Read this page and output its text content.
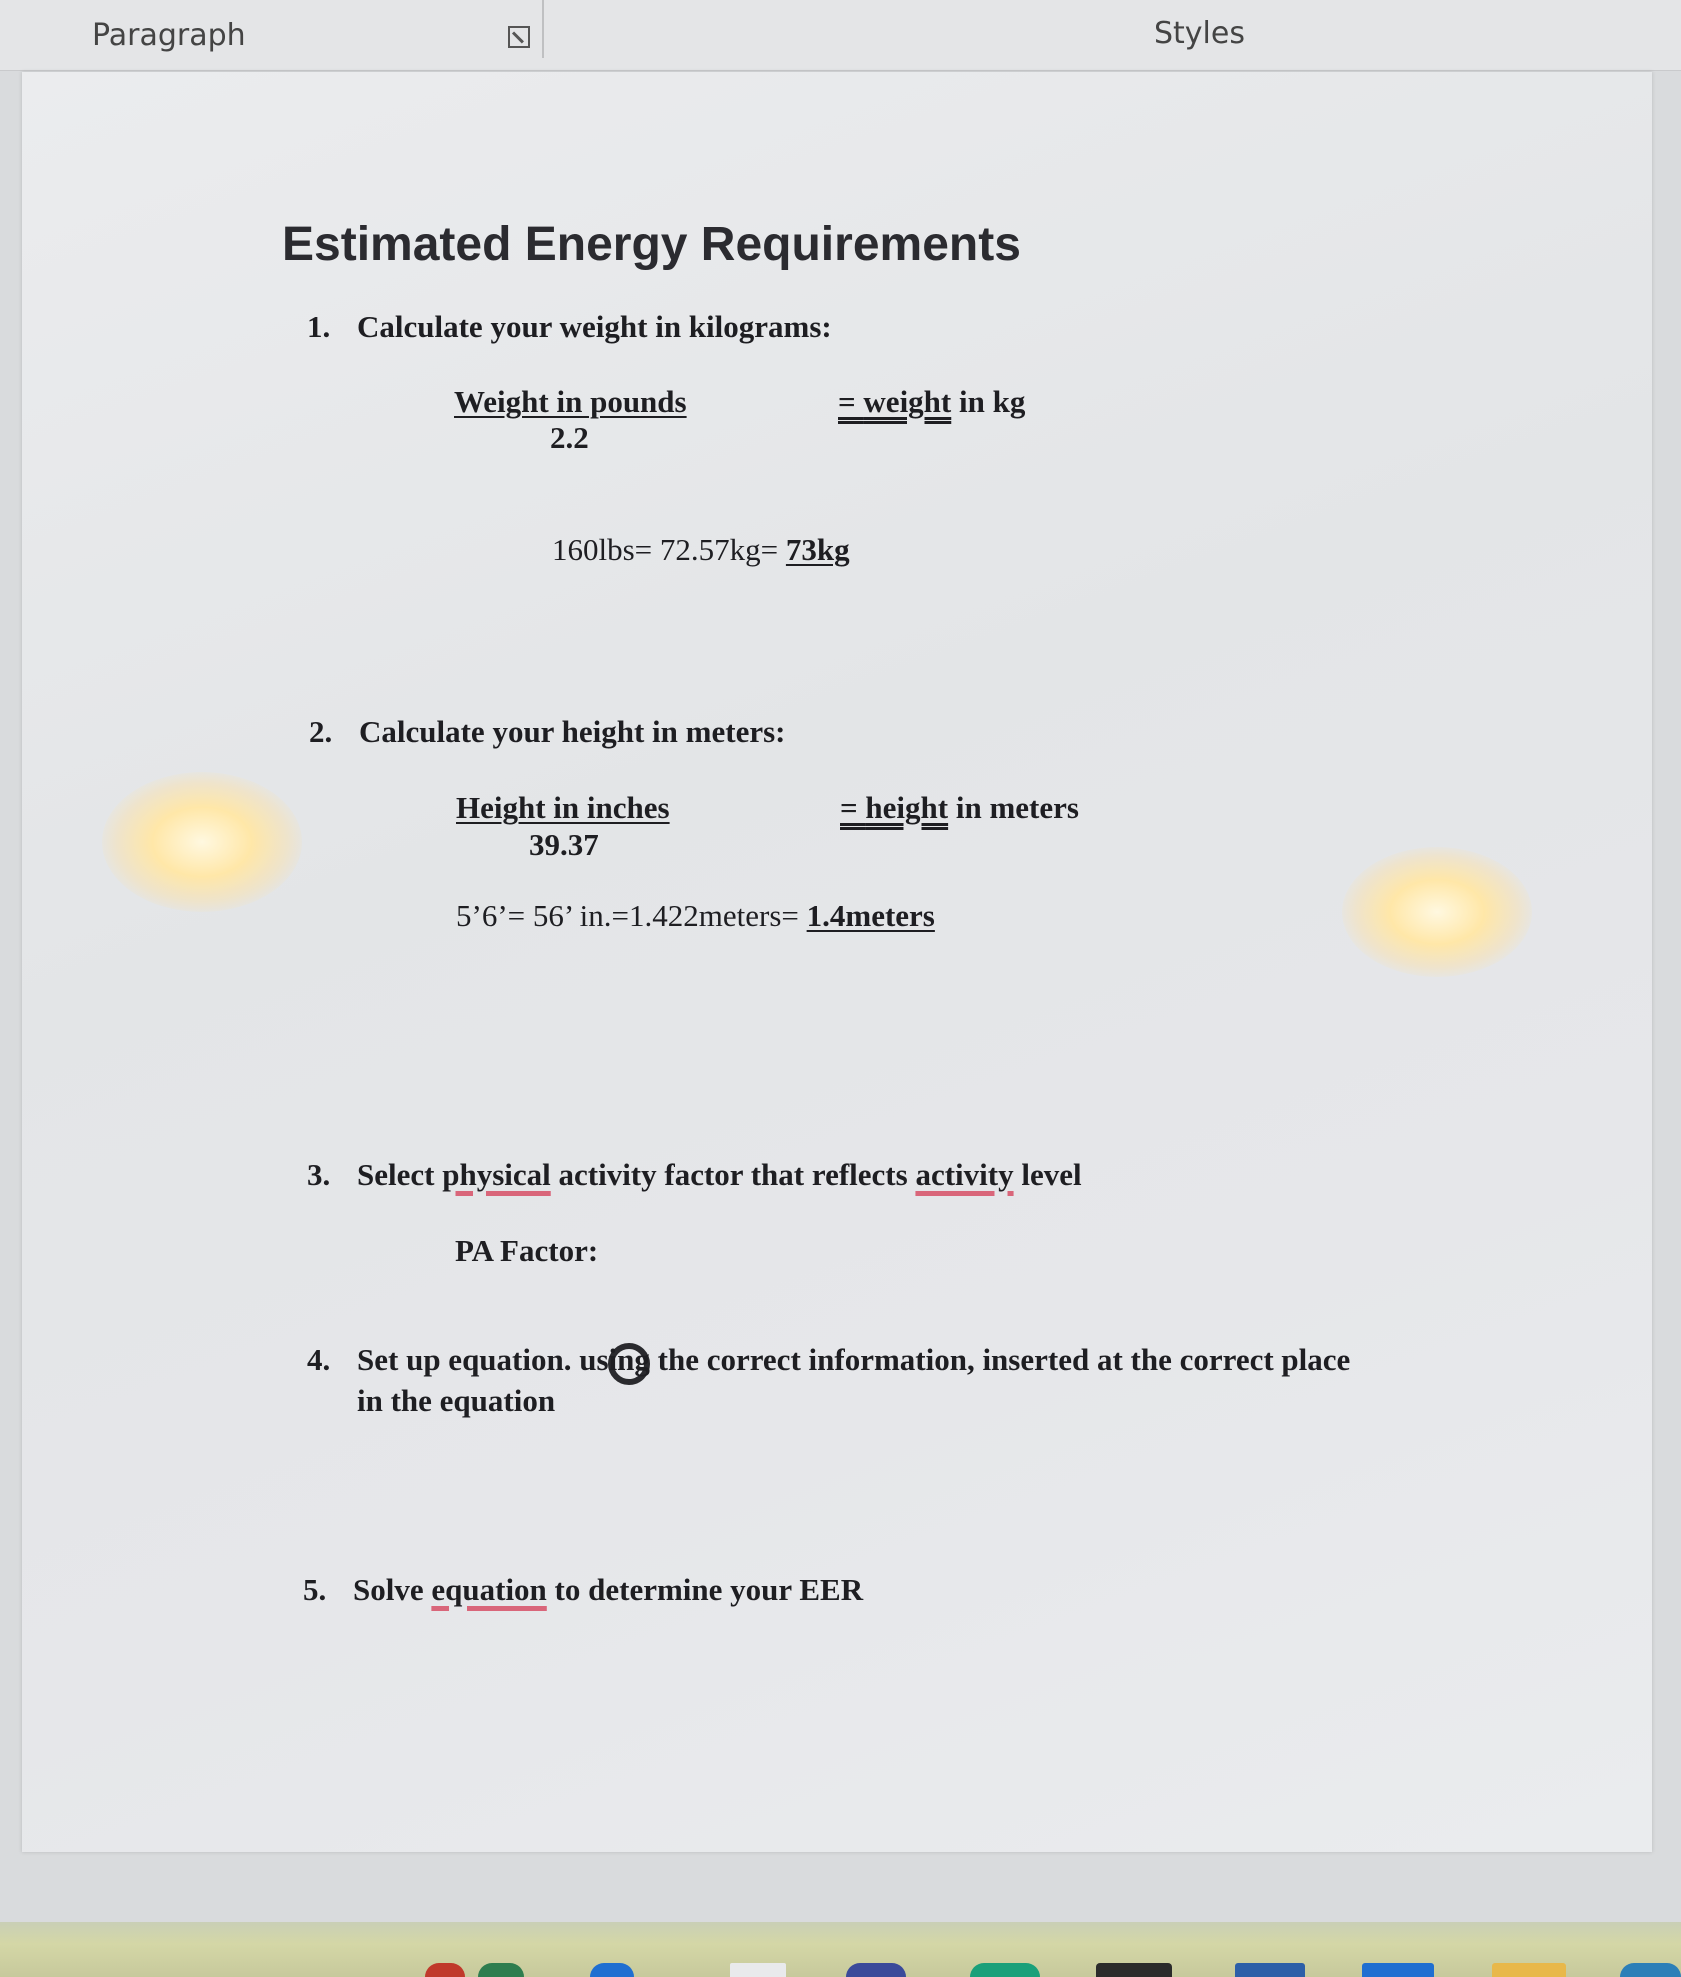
Paragraph	Styles
Estimated Energy Requirements
1. Calculate your weight in kilograms:
Weight in pounds
2.2
= weight in kg
160lbs= 72.57kg= 73kg
2. Calculate your height in meters:
Height in inches
39.37
= height in meters
5’6’= 56’ in.=1.422meters= 1.4meters
3. Select physical activity factor that reflects activity level
PA Factor:
4. Set up equation. using the correct information, inserted at the correct place
in the equation
5. Solve equation to determine your EER
